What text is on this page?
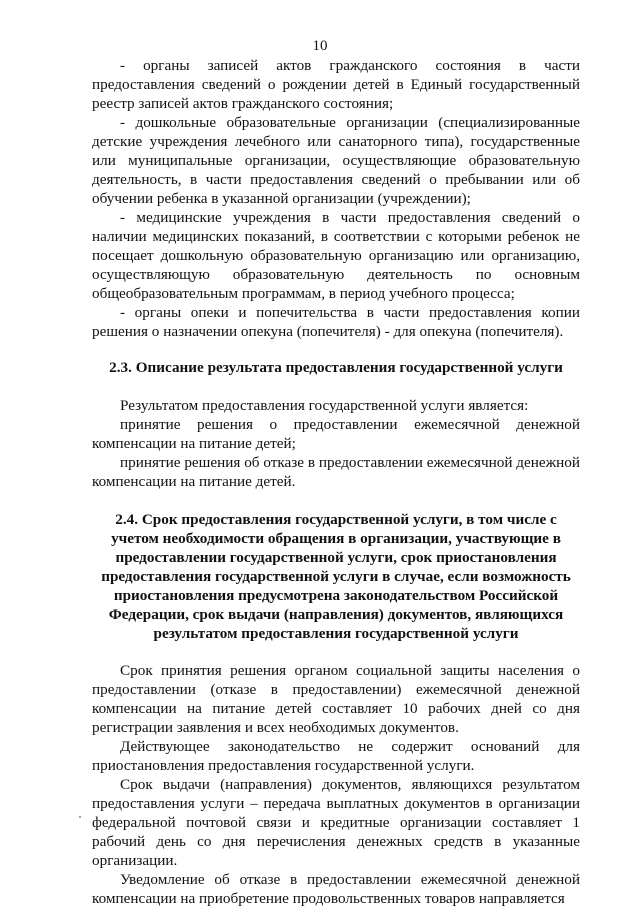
10

- органы записей актов гражданского состояния в части предоставления сведений о рождении детей в Единый государственный реестр записей актов гражданского состояния;

- дошкольные образовательные организации (специализированные детские учреждения лечебного или санаторного типа), государственные или муниципальные организации, осуществляющие образовательную деятельность, в части предоставления сведений о пребывании или об обучении ребенка в указанной организации (учреждении);

- медицинские учреждения в части предоставления сведений о наличии медицинских показаний, в соответствии с которыми ребенок не посещает дошкольную образовательную организацию или организацию, осуществляющую образовательную деятельность по основным общеобразовательным программам, в период учебного процесса;

- органы опеки и попечительства в части предоставления копии решения о назначении опекуна (попечителя) - для опекуна (попечителя).

2.3. Описание результата предоставления государственной услуги

Результатом предоставления государственной услуги является:

принятие решения о предоставлении ежемесячной денежной компенсации на питание детей;

принятие решения об отказе в предоставлении ежемесячной денежной компенсации на питание детей.

2.4. Срок предоставления государственной услуги, в том числе с учетом необходимости обращения в организации, участвующие в предоставлении государственной услуги, срок приостановления предоставления государственной услуги в случае, если возможность приостановления предусмотрена законодательством Российской Федерации, срок выдачи (направления) документов, являющихся результатом предоставления государственной услуги

Срок принятия решения органом социальной защиты населения о предоставлении (отказе в предоставлении) ежемесячной денежной компенсации на питание детей составляет 10 рабочих дней со дня регистрации заявления и всех необходимых документов.

Действующее законодательство не содержит оснований для приостановления предоставления государственной услуги.

Срок выдачи (направления) документов, являющихся результатом предоставления услуги – передача выплатных документов в организации федеральной почтовой связи и кредитные организации составляет 1 рабочий день со дня перечисления денежных средств в указанные организации.

Уведомление об отказе в предоставлении ежемесячной денежной компенсации на приобретение продовольственных товаров направляется
